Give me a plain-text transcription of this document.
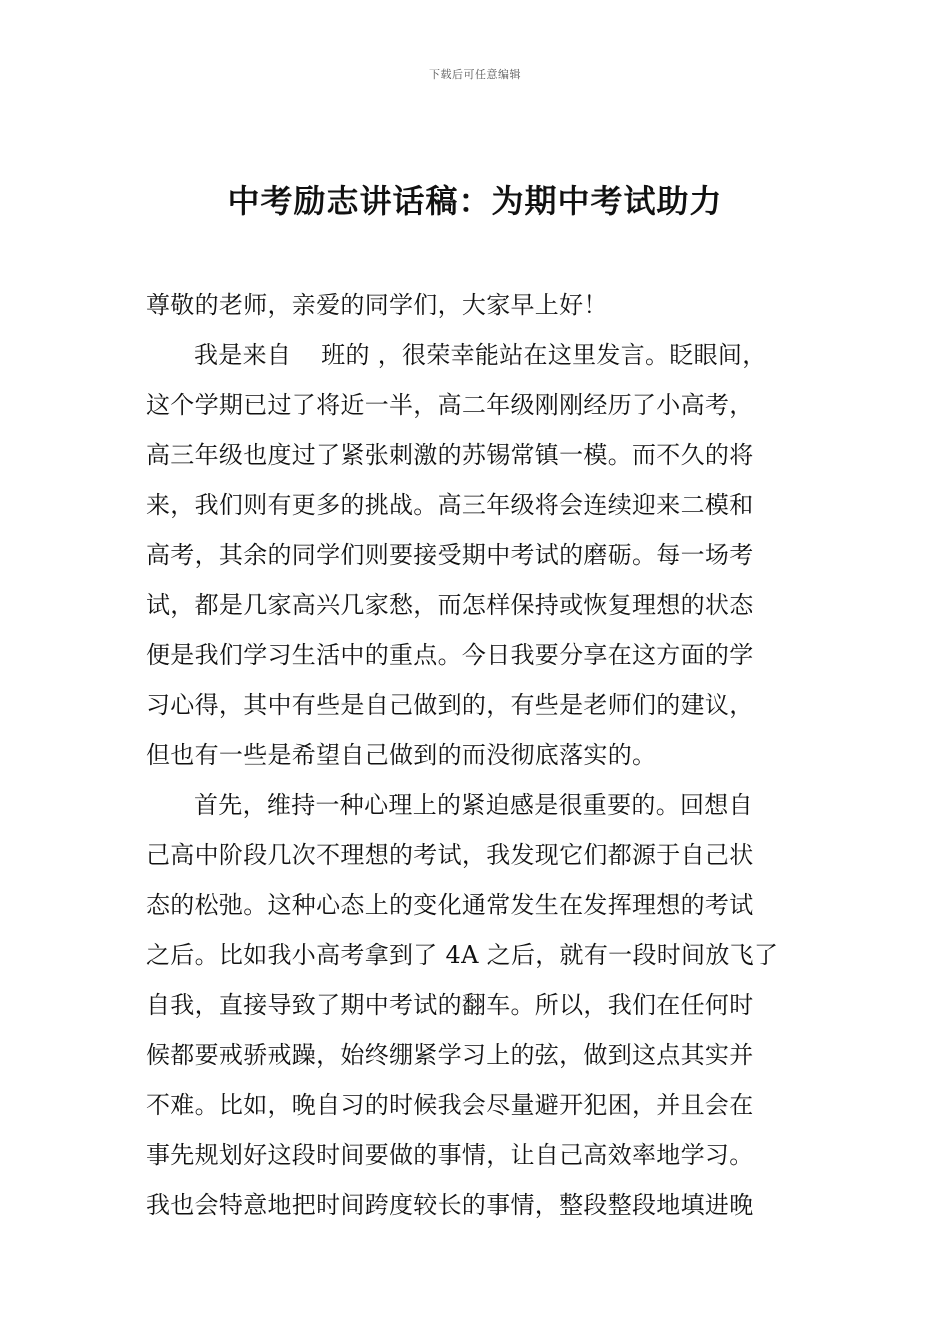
下载后可任意编辑
中考励志讲话稿：为期中考试助力
尊敬的老师，亲爱的同学们，大家早上好！
我是来自 班的 ，很荣幸能站在这里发言。眨眼间，
这个学期已过了将近一半，高二年级刚刚经历了小高考，
高三年级也度过了紧张刺激的苏锡常镇一模。而不久的将
来，我们则有更多的挑战。高三年级将会连续迎来二模和
高考，其余的同学们则要接受期中考试的磨砺。每一场考
试，都是几家高兴几家愁，而怎样保持或恢复理想的状态
便是我们学习生活中的重点。今日我要分享在这方面的学
习心得，其中有些是自己做到的，有些是老师们的建议，
但也有一些是希望自己做到的而没彻底落实的。
首先，维持一种心理上的紧迫感是很重要的。回想自
己高中阶段几次不理想的考试，我发现它们都源于自己状
态的松弛。这种心态上的变化通常发生在发挥理想的考试
之后。比如我小高考拿到了 4A 之后，就有一段时间放飞了
自我，直接导致了期中考试的翻车。所以，我们在任何时
候都要戒骄戒躁，始终绷紧学习上的弦，做到这点其实并
不难。比如，晚自习的时候我会尽量避开犯困，并且会在
事先规划好这段时间要做的事情，让自己高效率地学习。
我也会特意地把时间跨度较长的事情，整段整段地填进晚
